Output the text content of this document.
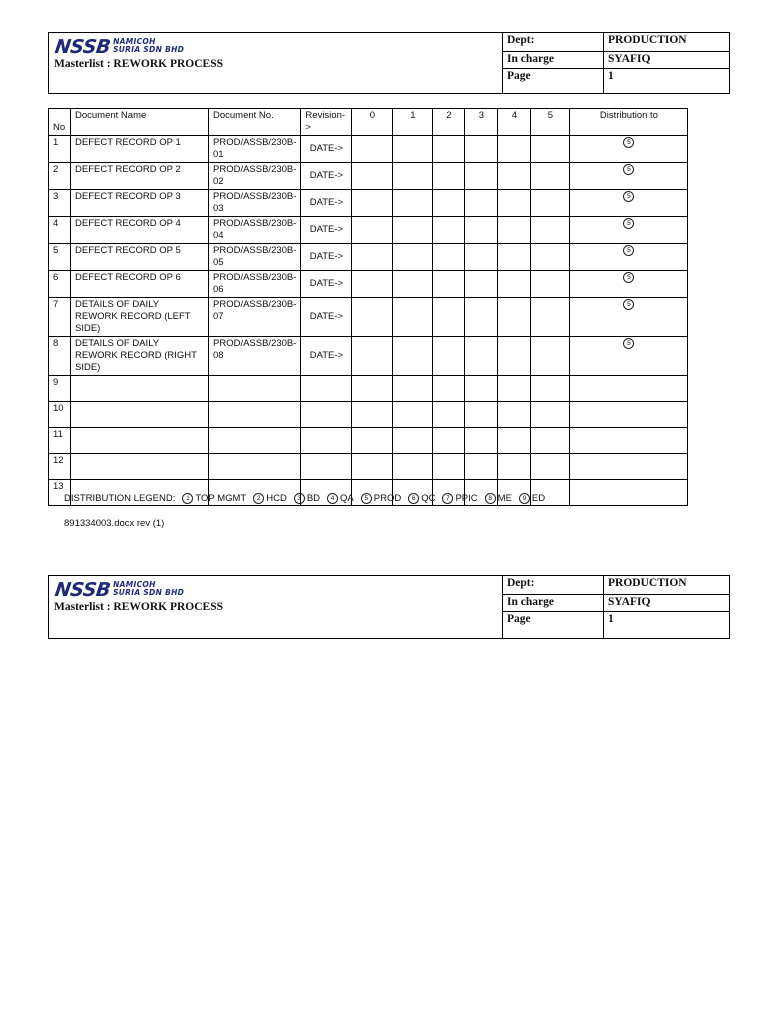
NSSB NAMICOH
SURIA SDN BHD
Masterlist : REWORK PROCESS
Dept:	PRODUCTION
In charge	SYAFIQ
Page	1
No	Document Name	Document No.	Revision->	0	1	2	3	4	5	Distribution to
1	DEFECT RECORD OP 1	PROD/ASSB/230B-01	DATE->							5
2	DEFECT RECORD OP 2	PROD/ASSB/230B-02	DATE->							5
3	DEFECT RECORD OP 3	PROD/ASSB/230B-03	DATE->							5
4	DEFECT RECORD OP 4	PROD/ASSB/230B-04	DATE->							5
5	DEFECT RECORD OP 5	PROD/ASSB/230B-05	DATE->							5
6	DEFECT RECORD OP 6	PROD/ASSB/230B-06	DATE->							5
7	DETAILS OF DAILY REWORK RECORD (LEFT SIDE)	PROD/ASSB/230B-07	DATE->							5
8	DETAILS OF DAILY REWORK RECORD (RIGHT SIDE)	PROD/ASSB/230B-08	DATE->							5
9										
10										
11										
12										
13										
DISTRIBUTION LEGEND:	1 TOP MGMT	2 HCD	3 BD	4 QA	5 PROD	6 QC	7 PPIC	8 ME	9 ED
891334003.docx rev (1)
NSSB NAMICOH
SURIA SDN BHD
Masterlist : REWORK PROCESS
Dept:	PRODUCTION
In charge	SYAFIQ
Page	1
